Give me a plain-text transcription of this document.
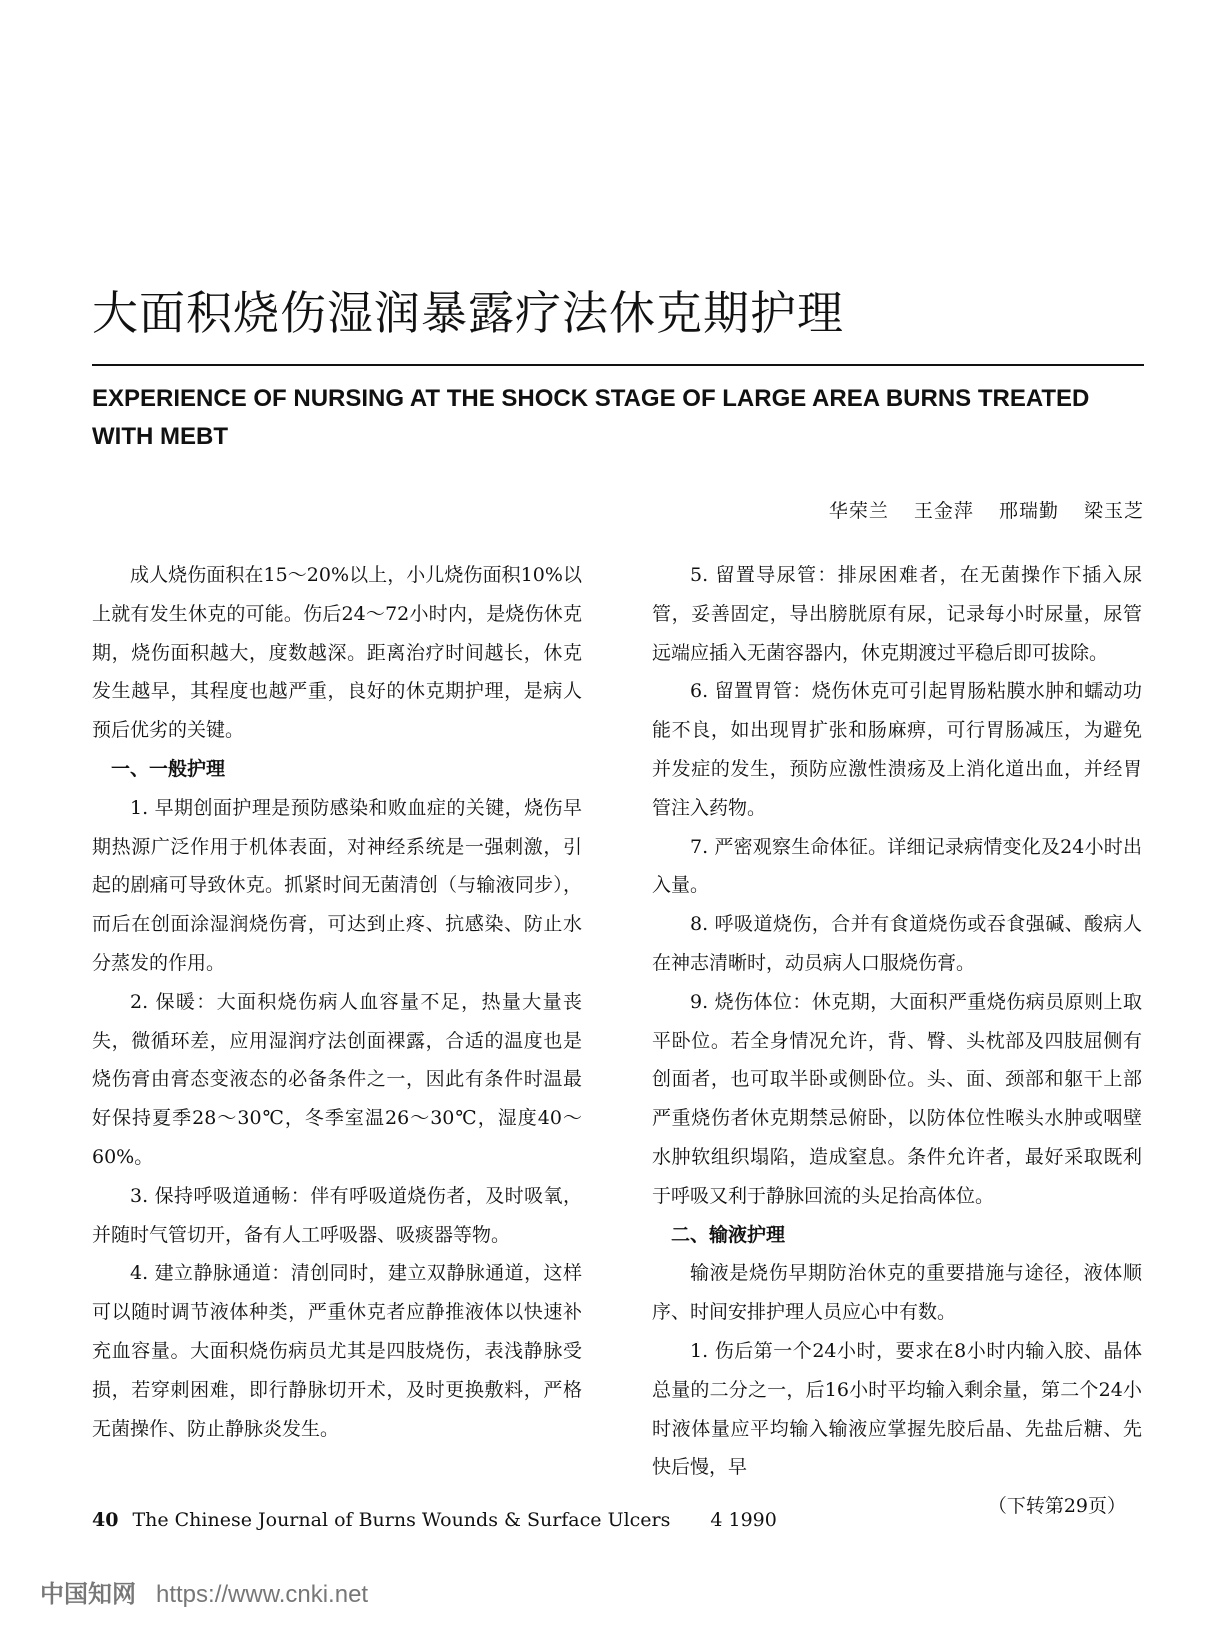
大面积烧伤湿润暴露疗法休克期护理

EXPERIENCE OF NURSING AT THE SHOCK STAGE OF LARGE AREA BURNS TREATED WITH MEBT

华荣兰 王金萍 邢瑞勤 梁玉芝

成人烧伤面积在15～20%以上，小儿烧伤面积10%以上就有发生休克的可能。伤后24～72小时内，是烧伤休克期，烧伤面积越大，度数越深。距离治疗时间越长，休克发生越早，其程度也越严重，良好的休克期护理，是病人预后优劣的关键。

一、一般护理

1. 早期创面护理是预防感染和败血症的关键，烧伤早期热源广泛作用于机体表面，对神经系统是一强刺激，引起的剧痛可导致休克。抓紧时间无菌清创（与输液同步），而后在创面涂湿润烧伤膏，可达到止疼、抗感染、防止水分蒸发的作用。

2. 保暖：大面积烧伤病人血容量不足，热量大量丧失，微循环差，应用湿润疗法创面裸露，合适的温度也是烧伤膏由膏态变液态的必备条件之一，因此有条件时温最好保持夏季28～30℃，冬季室温26～30℃，湿度40～60%。

3. 保持呼吸道通畅：伴有呼吸道烧伤者，及时吸氧，并随时气管切开，备有人工呼吸器、吸痰器等物。

4. 建立静脉通道：清创同时，建立双静脉通道，这样可以随时调节液体种类，严重休克者应静推液体以快速补充血容量。大面积烧伤病员尤其是四肢烧伤，表浅静脉受损，若穿刺困难，即行静脉切开术，及时更换敷料，严格无菌操作、防止静脉炎发生。

5. 留置导尿管：排尿困难者，在无菌操作下插入尿管，妥善固定，导出膀胱原有尿，记录每小时尿量，尿管远端应插入无菌容器内，休克期渡过平稳后即可拔除。

6. 留置胃管：烧伤休克可引起胃肠粘膜水肿和蠕动功能不良，如出现胃扩张和肠麻痹，可行胃肠减压，为避免并发症的发生，预防应激性溃疡及上消化道出血，并经胃管注入药物。

7. 严密观察生命体征。详细记录病情变化及24小时出入量。

8. 呼吸道烧伤，合并有食道烧伤或吞食强碱、酸病人在神志清晰时，动员病人口服烧伤膏。

9. 烧伤体位：休克期，大面积严重烧伤病员原则上取平卧位。若全身情况允许，背、臀、头枕部及四肢屈侧有创面者，也可取半卧或侧卧位。头、面、颈部和躯干上部严重烧伤者休克期禁忌俯卧，以防体位性喉头水肿或咽壁水肿软组织塌陷，造成窒息。条件允许者，最好采取既利于呼吸又利于静脉回流的头足抬高体位。

二、输液护理

输液是烧伤早期防治休克的重要措施与途径，液体顺序、时间安排护理人员应心中有数。

1. 伤后第一个24小时，要求在8小时内输入胶、晶体总量的二分之一，后16小时平均输入剩余量，第二个24小时液体量应平均输入输液应掌握先胶后晶、先盐后糖、先快后慢，早

（下转第29页）

40 The Chinese Journal of Burns Wounds & Surface Ulcers 4 1990

中国知网 https://www.cnki.net
